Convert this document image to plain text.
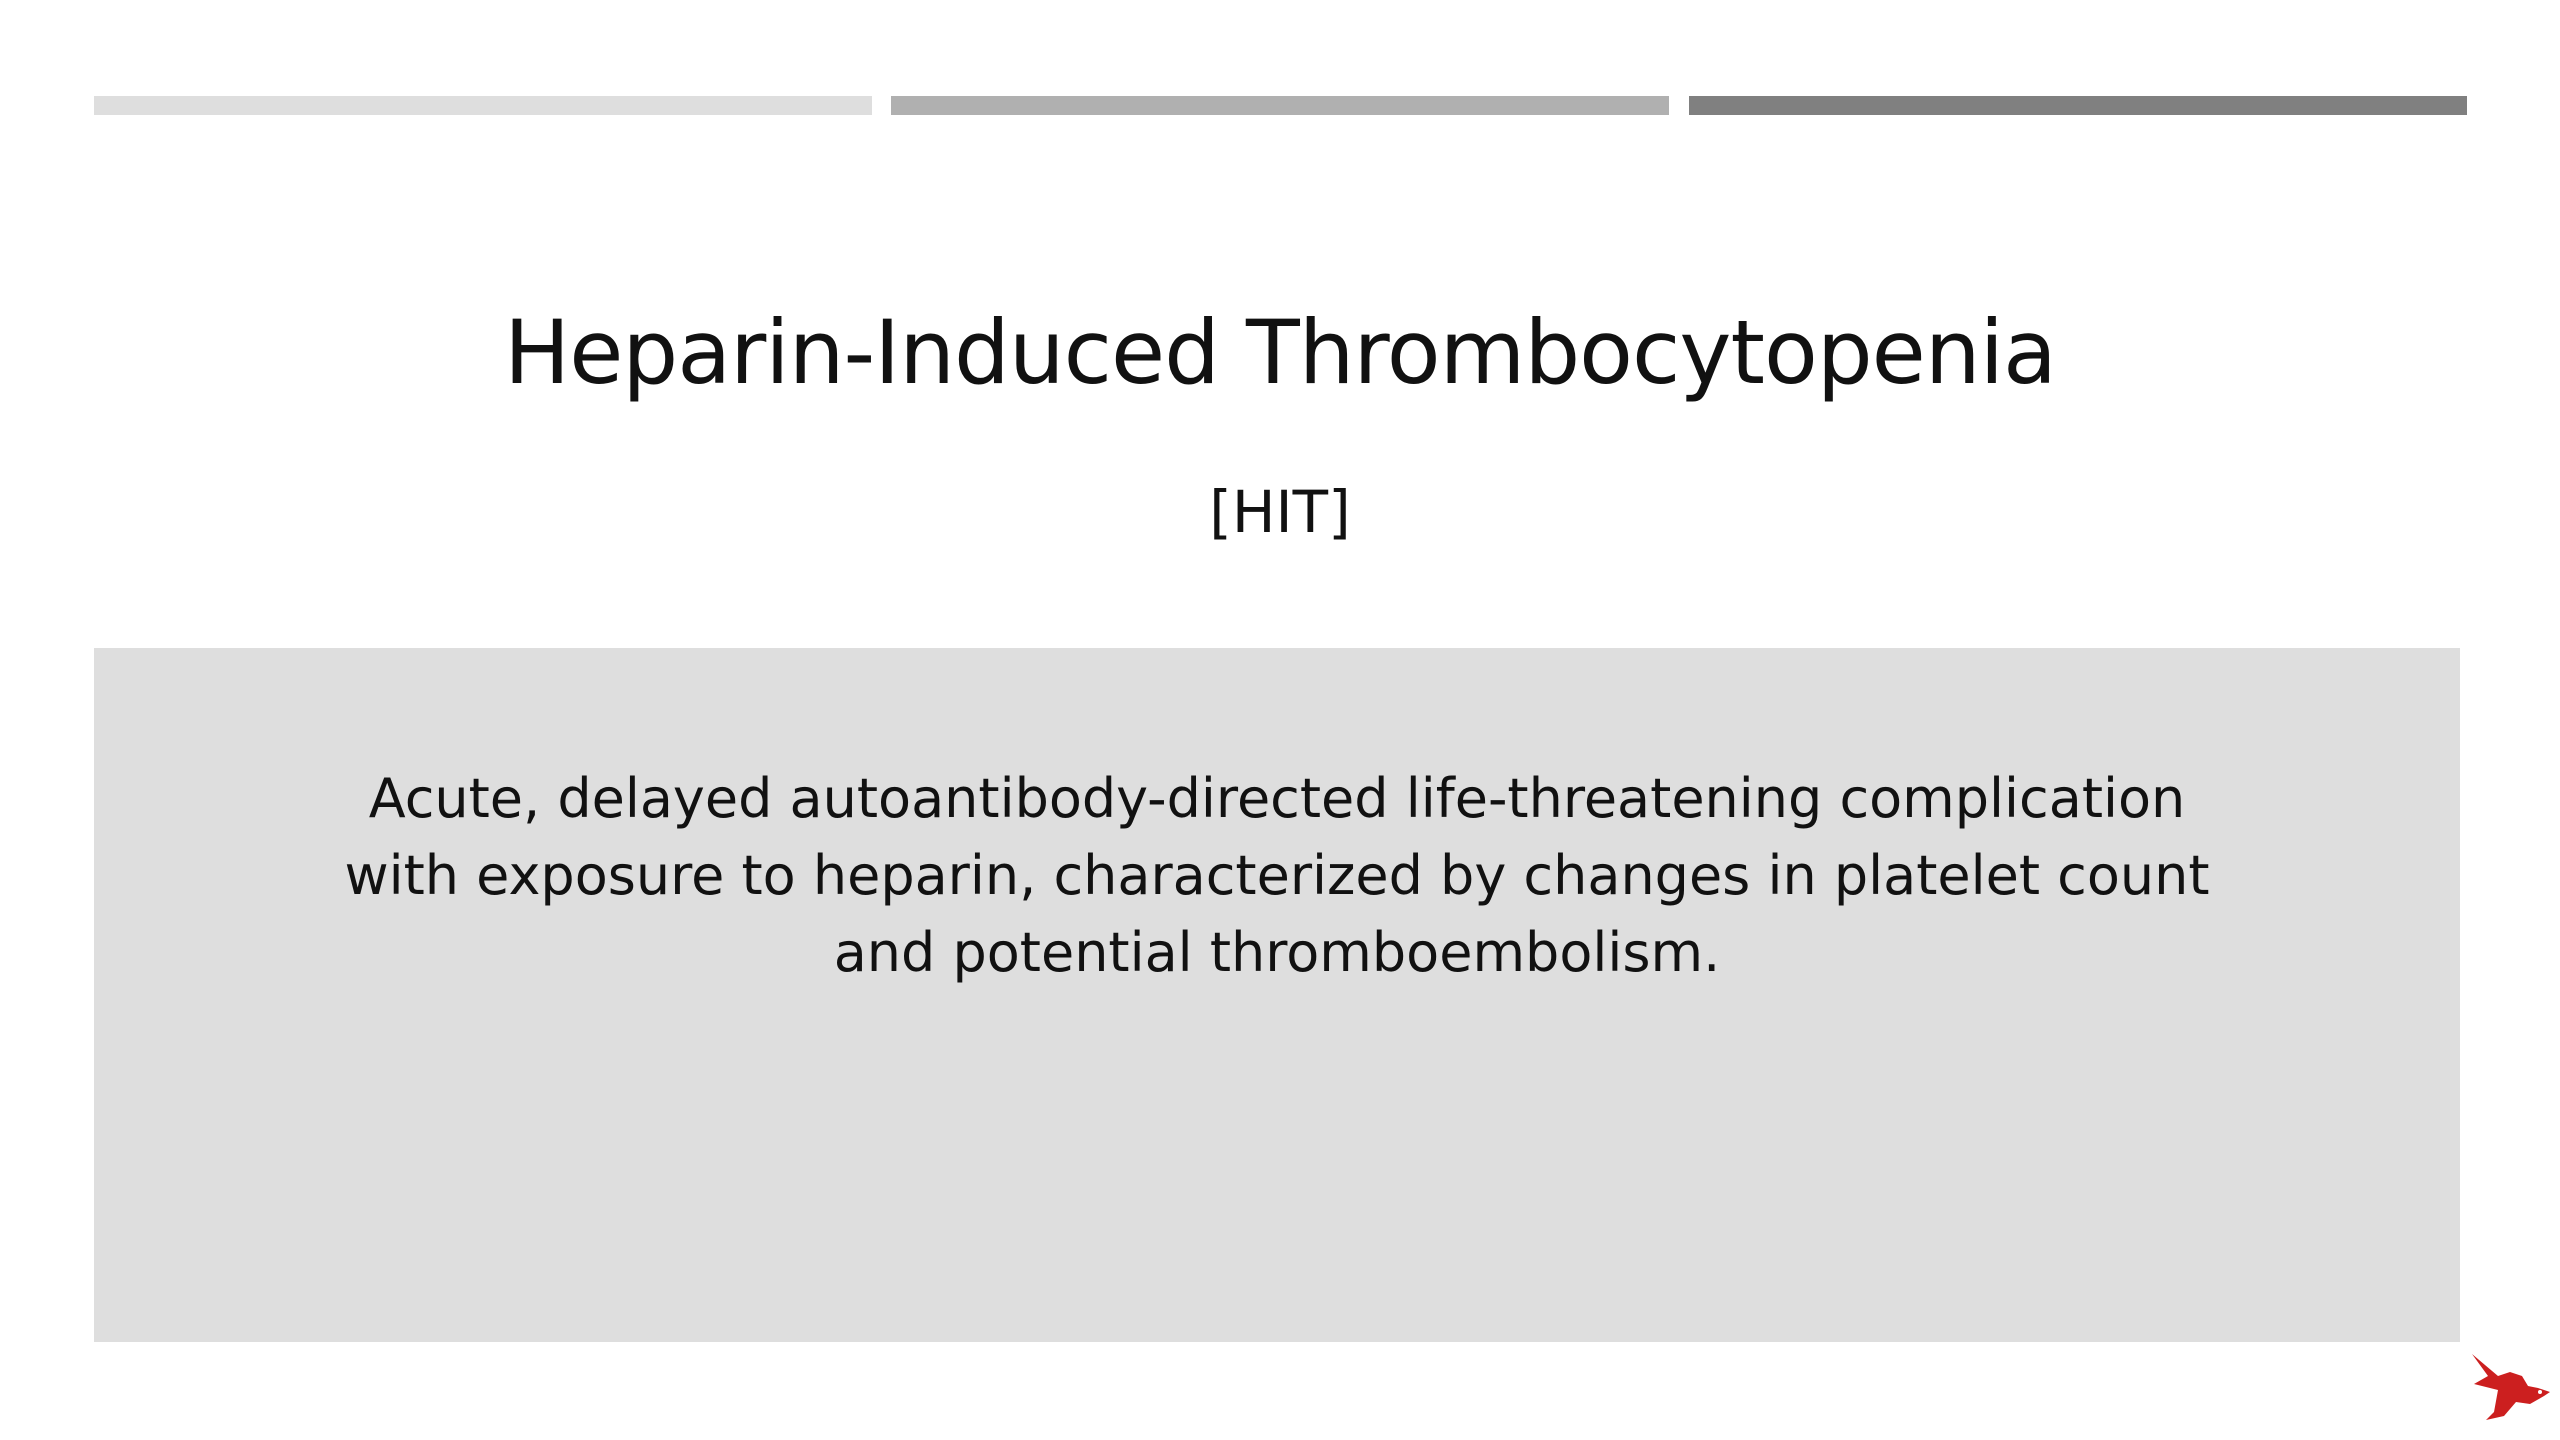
Heparin-Induced Thrombocytopenia
[HIT]
Acute, delayed autoantibody-directed life-threatening complication with exposure to heparin, characterized by changes in platelet count and potential thromboembolism.
